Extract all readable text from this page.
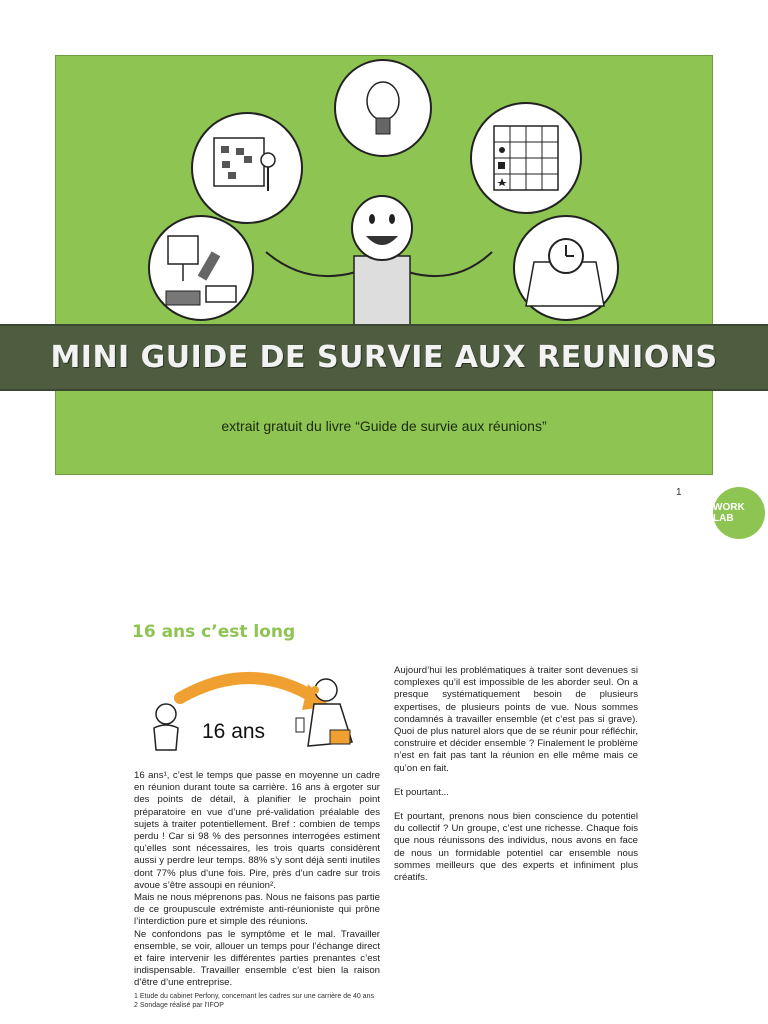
MINI GUIDE DE SURVIE AUX REUNIONS
extrait gratuit du livre “Guide de survie aux réunions”
1
WORK LAB
16 ans c’est long
16 ans

16 ans¹, c’est le temps que passe en moyenne un cadre en réunion durant toute sa carrière. 16 ans à ergoter sur des points de détail, à planifier le prochain point préparatoire en vue d’une pré-validation préalable des sujets à traiter potentiellement. Bref : combien de temps perdu ! Car si 98 % des personnes interrogées estiment qu’elles sont nécessaires, les trois quarts considèrent aussi y perdre leur temps. 88% s’y sont déjà senti inutiles dont 77% plus d’une fois. Pire, près d’un cadre sur trois avoue s’être assoupi en réunion².

Mais ne nous méprenons pas. Nous ne faisons pas partie de ce groupuscule extrémiste anti-réunioniste qui prône l’interdiction pure et simple des réunions.

Ne confondons pas le symptôme et le mal. Travailler ensemble, se voir, allouer un temps pour l’échange direct et faire intervenir les différentes parties prenantes c’est indispensable. Travailler ensemble c’est bien la raison d’être d’une entreprise.

1 Etude du cabinet Perfony, concernant les cadres sur une carrière de 40 ans
2 Sondage réalisé par l’IFOP

Aujourd’hui les problématiques à traiter sont devenues si complexes qu’il est impossible de les aborder seul. On a presque systématiquement besoin de plusieurs expertises, de plusieurs points de vue. Nous sommes condamnés à travailler ensemble (et c’est pas si grave). Quoi de plus naturel alors que de se réunir pour réfléchir, construire et décider ensemble ? Finalement le problème n’est en fait pas tant la réunion en elle même mais ce qu’on en fait.

Et pourtant...

Et pourtant, prenons nous bien conscience du potentiel du collectif ? Un groupe, c’est une richesse. Chaque fois que nous réunissons des individus, nous avons en face de nous un formidable potentiel car ensemble nous sommes meilleurs que des experts et infiniment plus créatifs.
